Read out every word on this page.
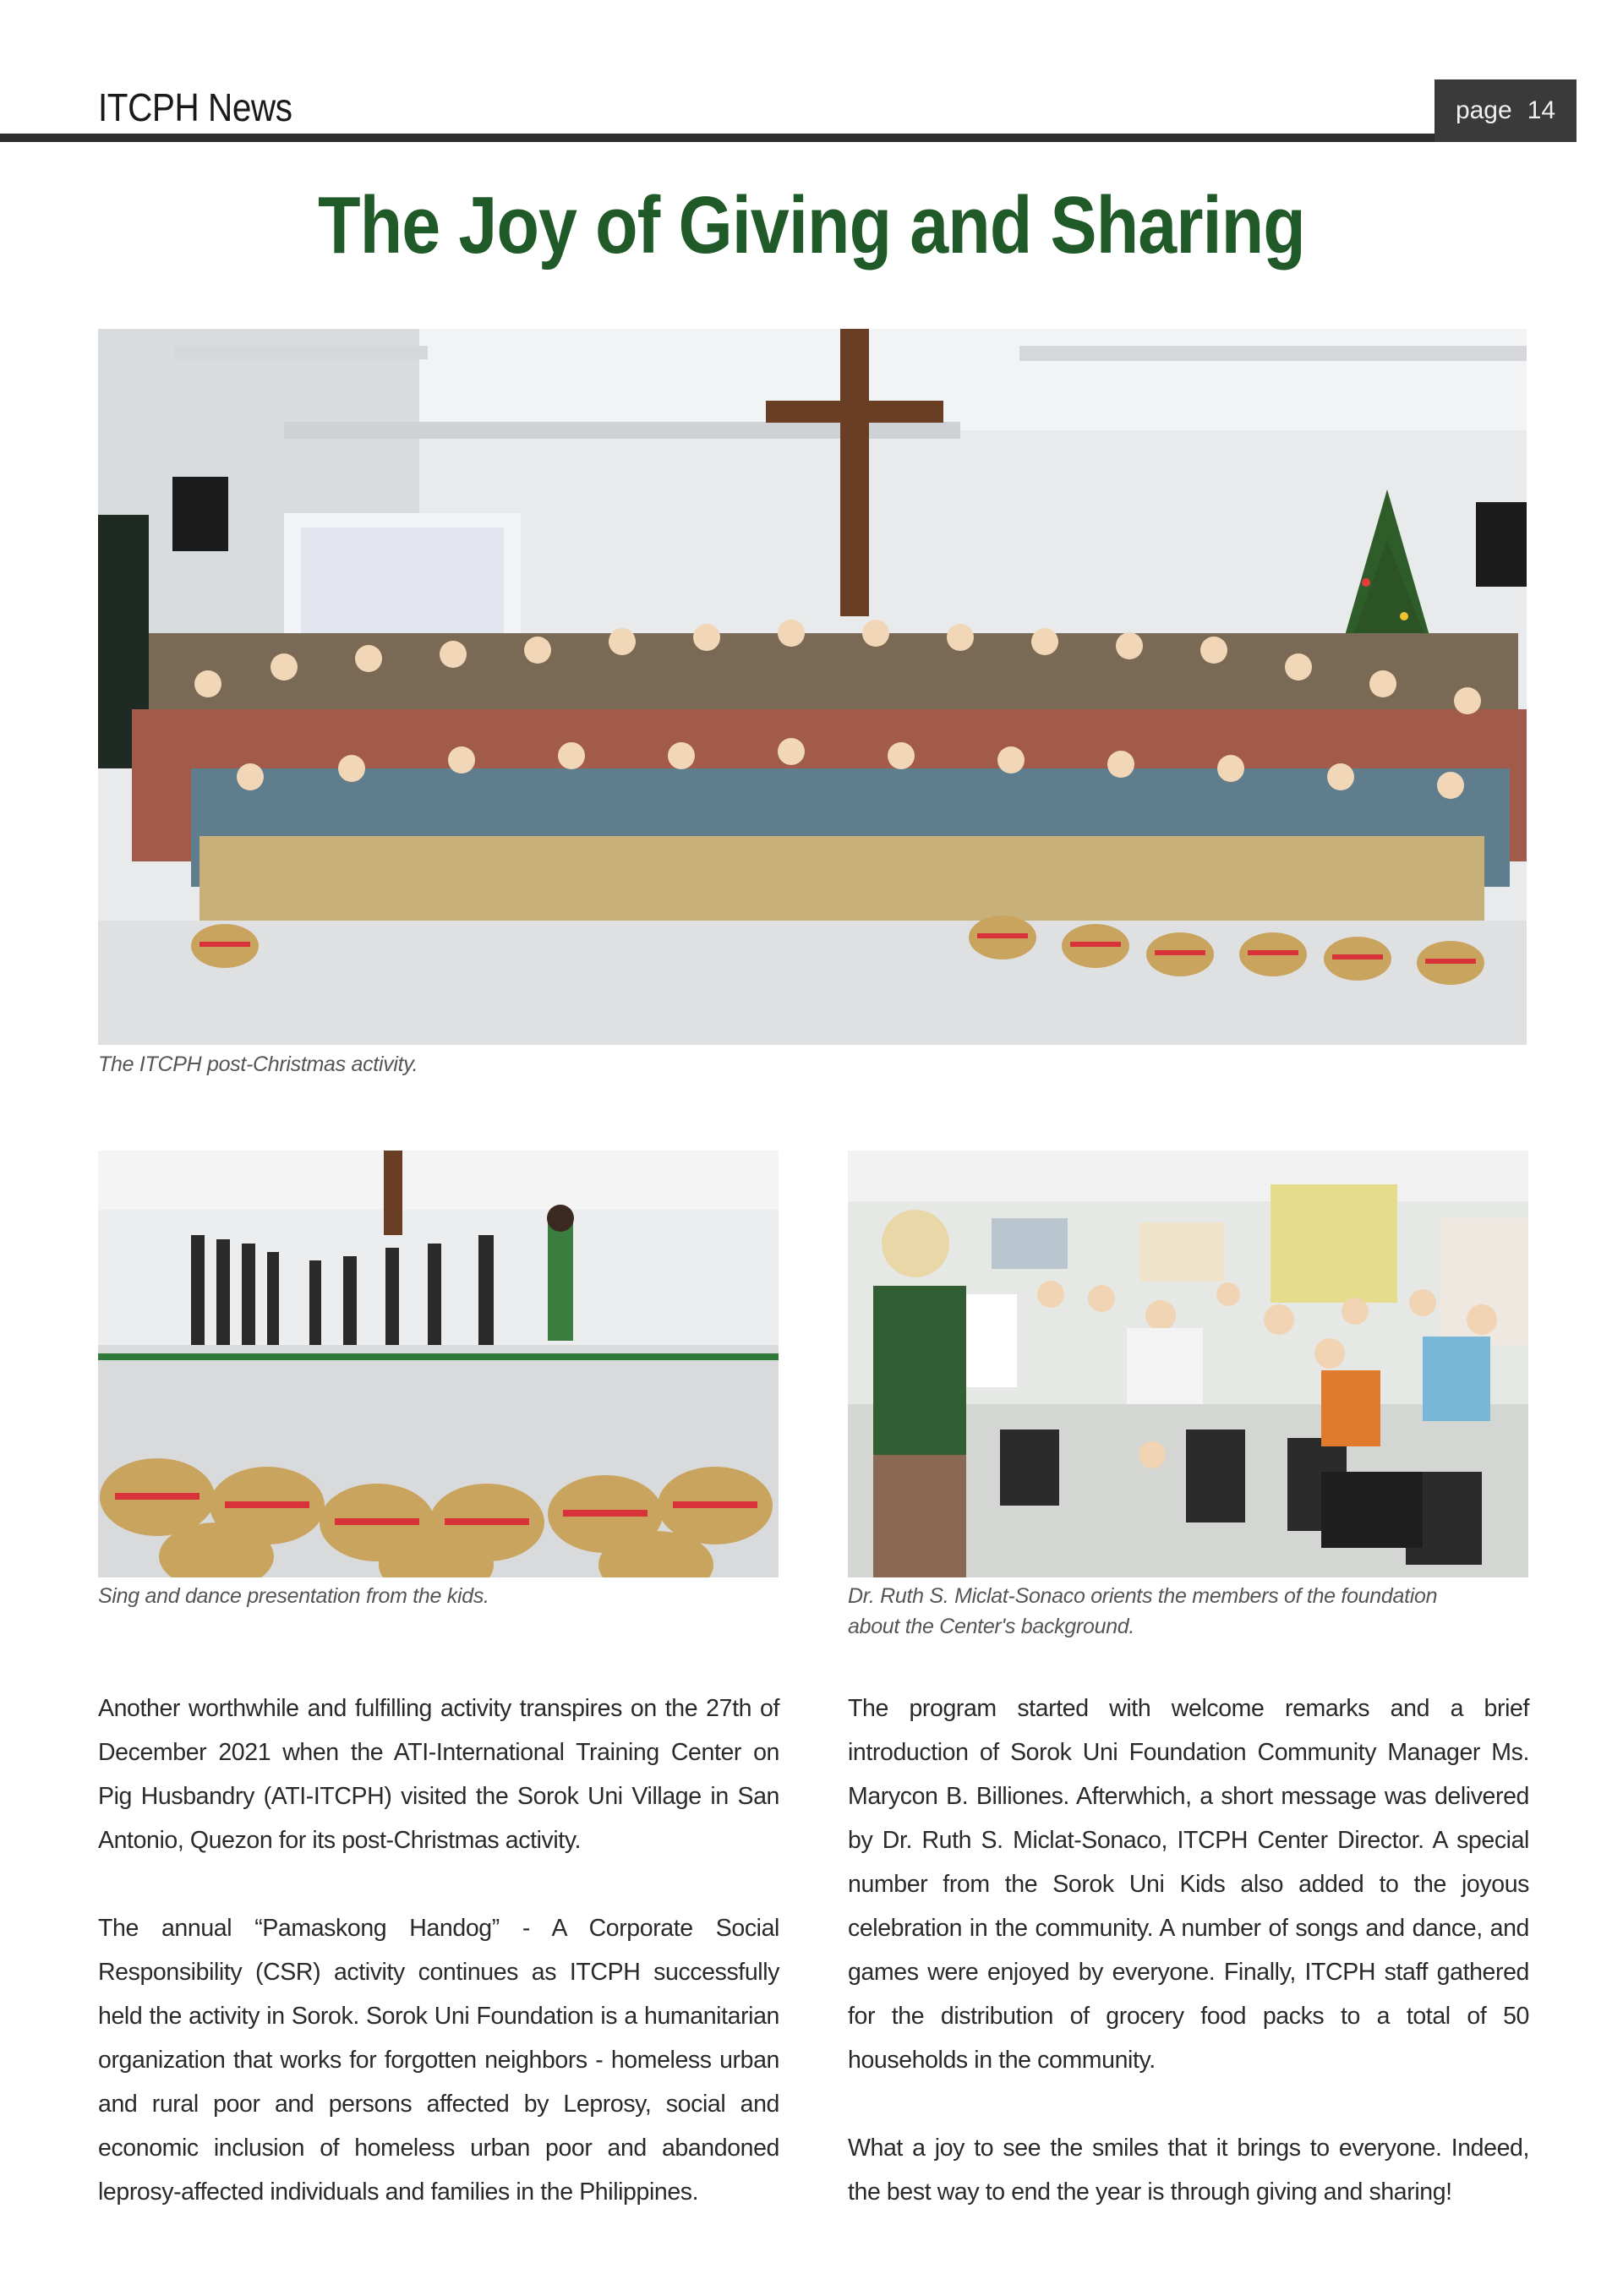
ITCPH News	page 14
The Joy of Giving and Sharing
The ITCPH post-Christmas activity.
Sing and dance presentation from the kids.	Dr. Ruth S. Miclat-Sonaco orients the members of the foundation about the Center's background.

Another worthwhile and fulfilling activity transpires on the 27th of December 2021 when the ATI-International Training Center on Pig Husbandry (ATI-ITCPH) visited the Sorok Uni Village in San Antonio, Quezon for its post-Christmas activity.

The annual “Pamaskong Handog” - A Corporate Social Responsibility (CSR) activity continues as ITCPH successfully held the activity in Sorok. Sorok Uni Foundation is a humanitarian organization that works for forgotten neighbors - homeless urban and rural poor and persons affected by Leprosy, social and economic inclusion of homeless urban poor and abandoned leprosy-affected individuals and families in the Philippines.

The program started with welcome remarks and a brief introduction of Sorok Uni Foundation Community Manager Ms. Marycon B. Billiones. Afterwhich, a short message was delivered by Dr. Ruth S. Miclat-Sonaco, ITCPH Center Director. A special number from the Sorok Uni Kids also added to the joyous celebration in the community. A number of songs and dance, and games were enjoyed by everyone. Finally, ITCPH staff gathered for the distribution of grocery food packs to a total of 50 households in the community.

What a joy to see the smiles that it brings to everyone. Indeed, the best way to end the year is through giving and sharing!
